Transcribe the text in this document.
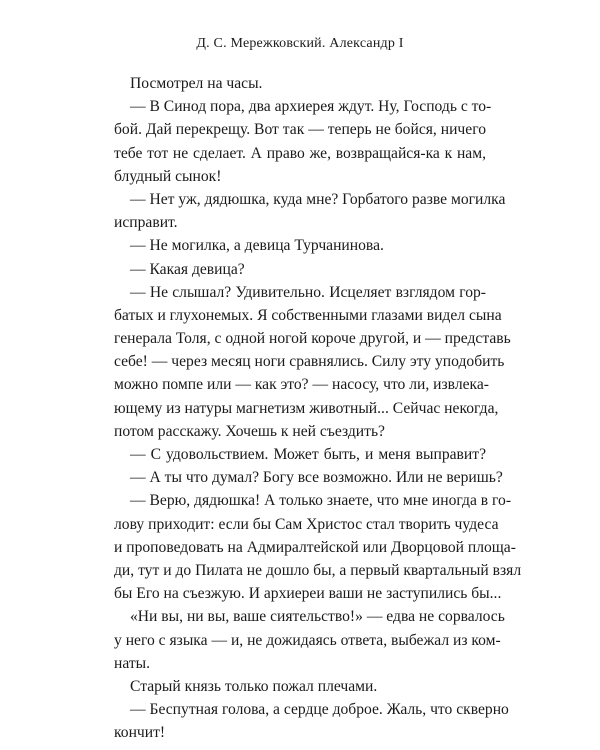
Д. С. Мережковский. Александр I
Посмотрел на часы.
— В Синод пора, два архиерея ждут. Ну, Господь с то-
бой. Дай перекрещу. Вот так — теперь не бойся, ничего
тебе тот не сделает. А право же, возвращайся-ка к нам,
блудный сынок!
— Нет уж, дядюшка, куда мне? Горбатого разве могилка
исправит.
— Не могилка, а девица Турчанинова.
— Какая девица?
— Не слышал? Удивительно. Исцеляет взглядом гор-
батых и глухонемых. Я собственными глазами видел сына
генерала Толя, с одной ногой короче другой, и — представь
себе! — через месяц ноги сравнялись. Силу эту уподобить
можно помпе или — как это? — насосу, что ли, извлека-
ющему из натуры магнетизм животный... Сейчас некогда,
потом расскажу. Хочешь к ней съездить?
— С удовольствием. Может быть, и меня выправит?
— А ты что думал? Богу все возможно. Или не веришь?
— Верю, дядюшка! А только знаете, что мне иногда в го-
лову приходит: если бы Сам Христос стал творить чудеса
и проповедовать на Адмиралтейской или Дворцовой площа-
ди, тут и до Пилата не дошло бы, а первый квартальный взял
бы Его на съезжую. И архиереи ваши не заступились бы...
«Ни вы, ни вы, ваше сиятельство!» — едва не сорвалось
у него с языка — и, не дожидаясь ответа, выбежал из ком-
наты.
Старый князь только пожал плечами.
— Беспутная голова, а сердце доброе. Жаль, что скверно
кончит!
